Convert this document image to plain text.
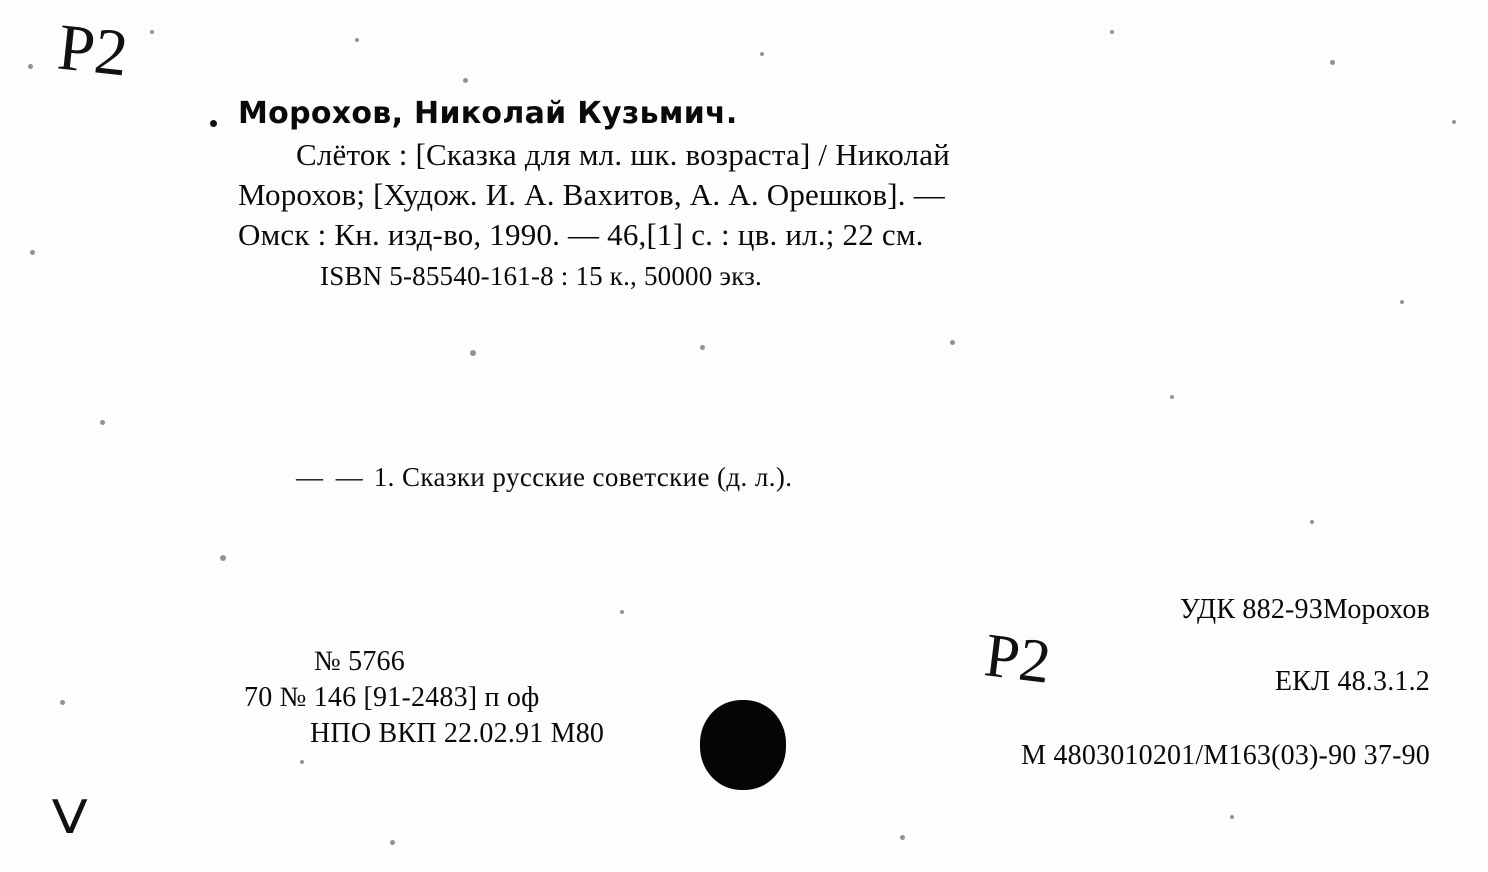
Морохов, Николай Кузьмич.
Слёток : [Сказка для мл. шк. возраста] / Николай
Морохов; [Худож. И. А. Вахитов, А. А. Орешков]. —
Омск : Кн. изд-во, 1990. — 46,[1] с. : цв. ил.; 22 см.
ISBN 5-85540-161-8 : 15 к., 50000 экз.
— — 1. Сказки русские советские (д. л.).
№ 5766
70 № 146 [91-2483] п оф
НПО ВКП 22.02.91 М80
УДК 882-93Морохов
ЕКЛ 48.3.1.2
М 4803010201/М163(03)-90 37-90
P2
P2
V
